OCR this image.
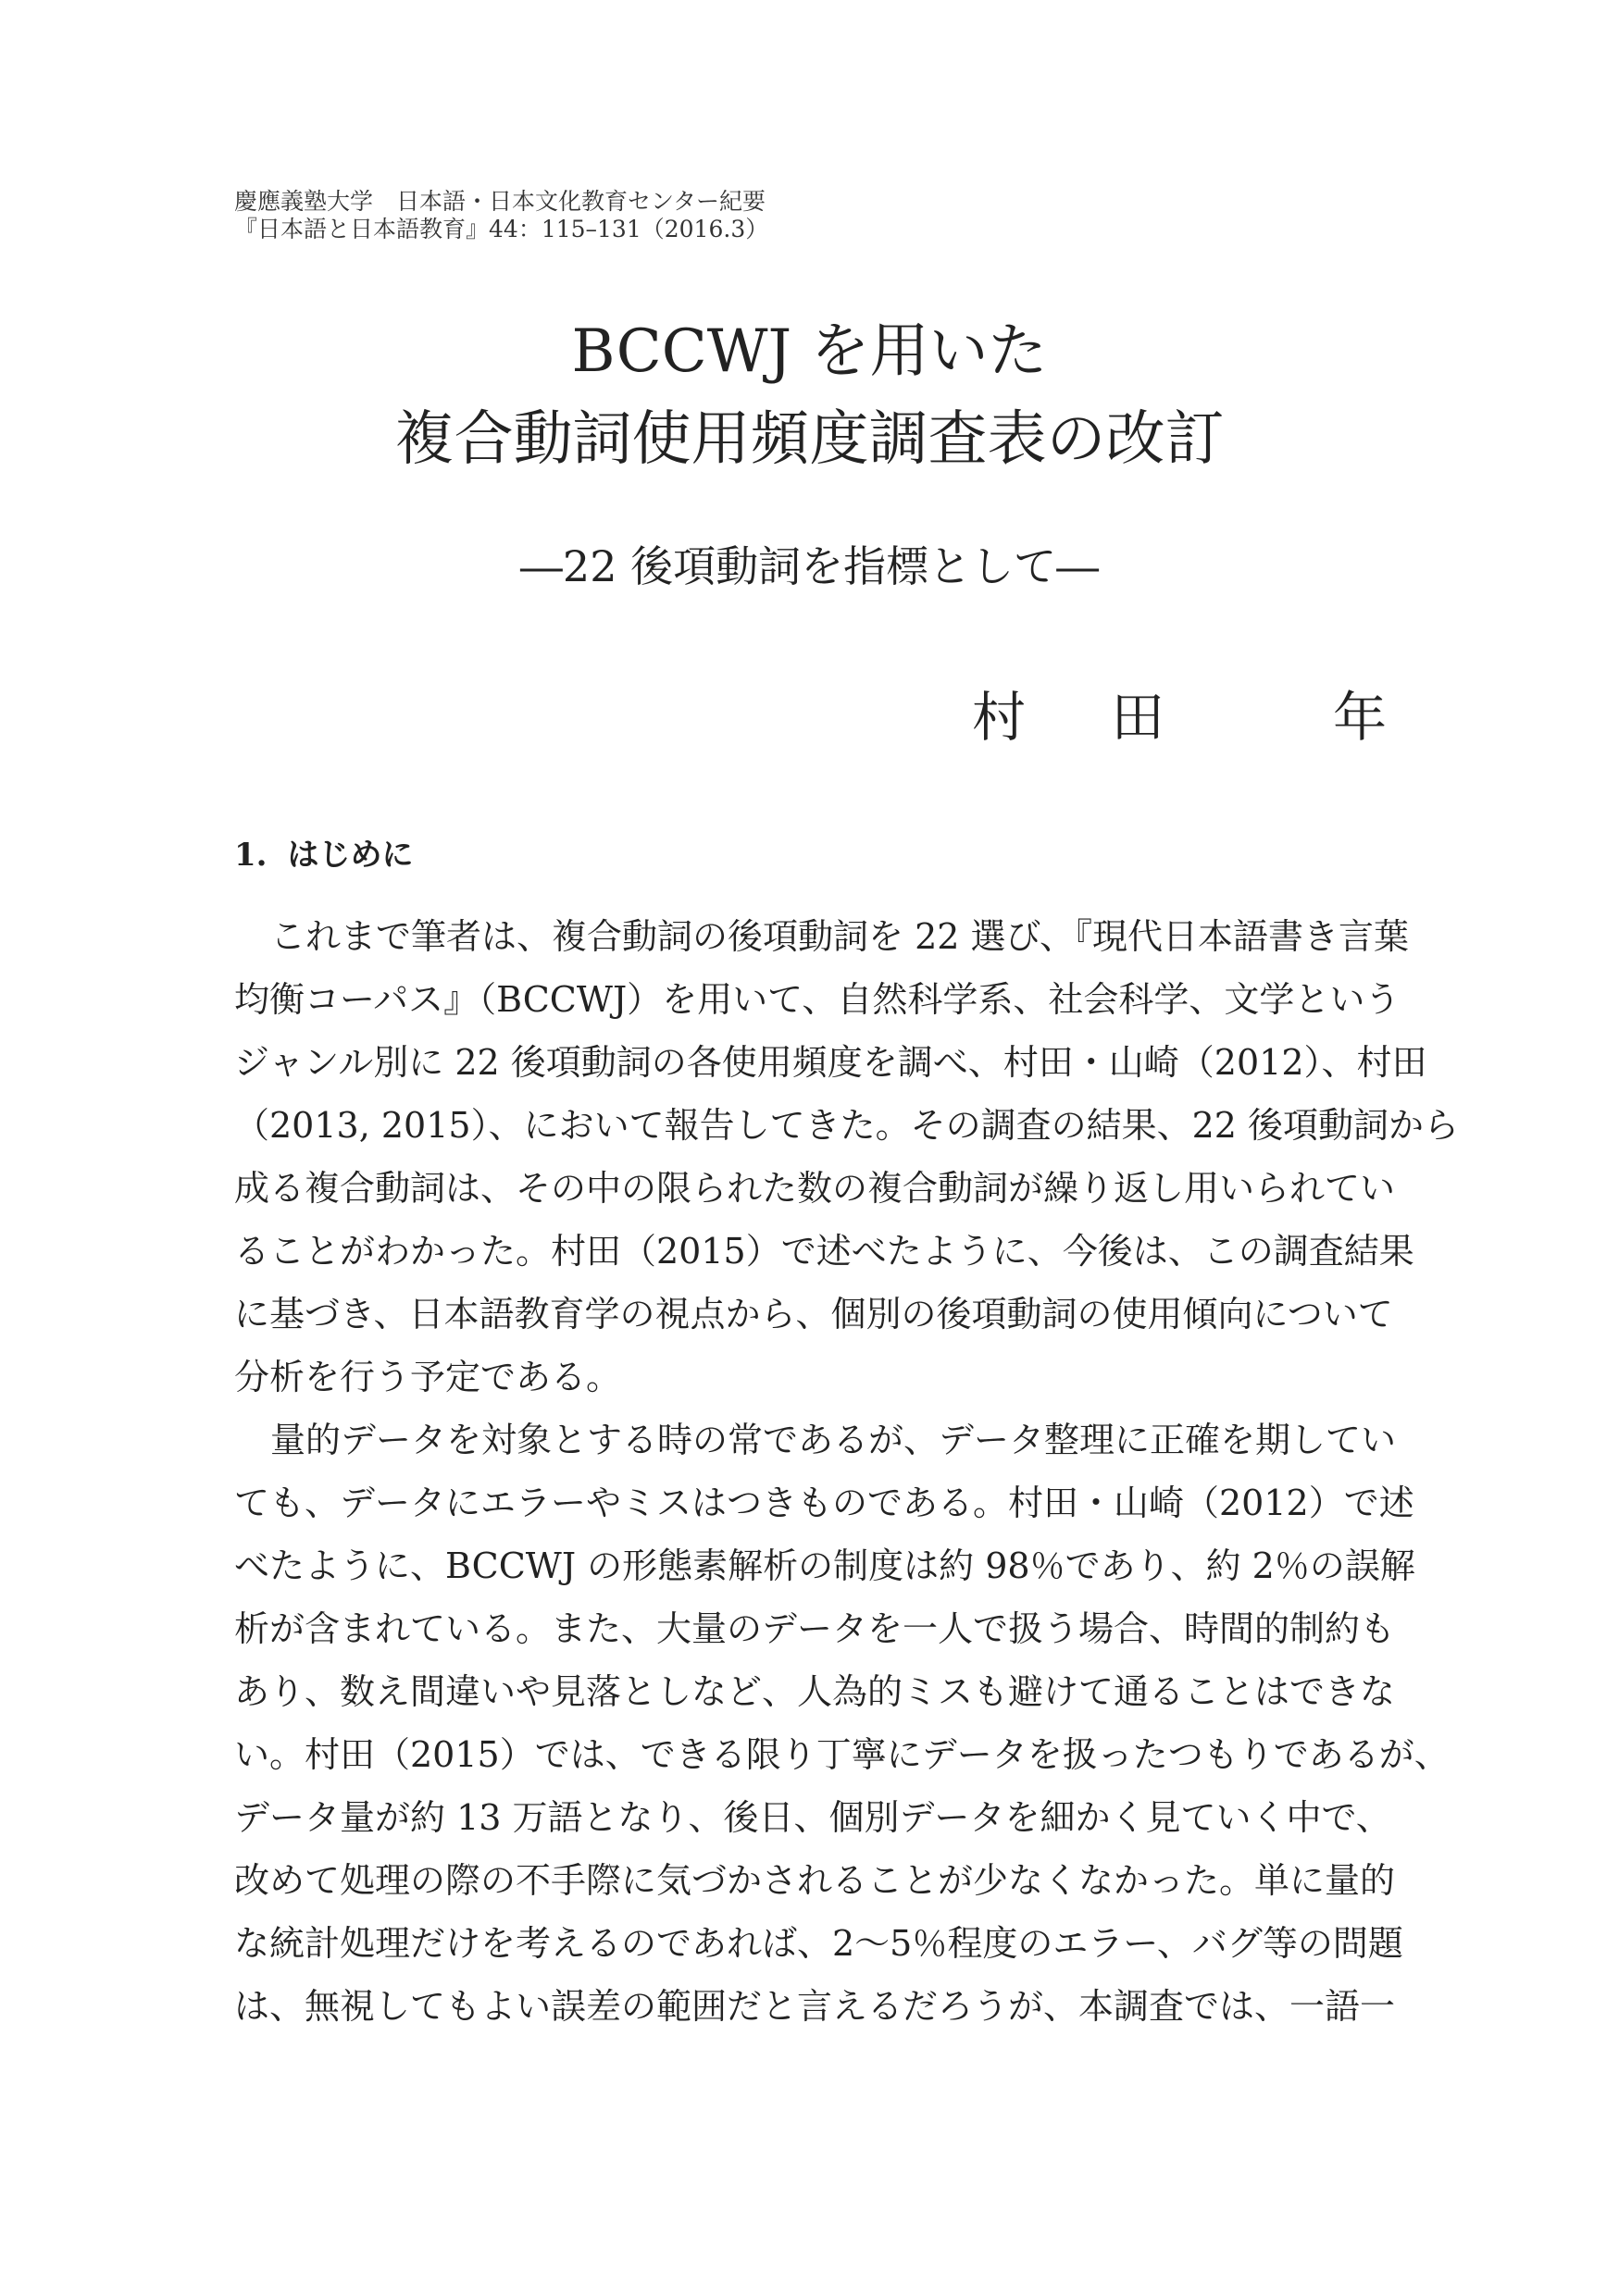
慶應義塾大学　日本語・日本文化教育センター紀要
『日本語と日本語教育』44：115–131（2016.3）
BCCWJ を用いた
複合動詞使用頻度調査表の改訂
―22 後項動詞を指標として―
村 田	年
1. はじめに
これまで筆者は、複合動詞の後項動詞を 22 選び、『現代日本語書き言葉
均衡コーパス』（BCCWJ）を用いて、自然科学系、社会科学、文学という
ジャンル別に 22 後項動詞の各使用頻度を調べ、村田・山崎（2012）、村田
（2013, 2015）、において報告してきた。その調査の結果、22 後項動詞から
成る複合動詞は、その中の限られた数の複合動詞が繰り返し用いられてい
ることがわかった。村田（2015）で述べたように、今後は、この調査結果
に基づき、日本語教育学の視点から、個別の後項動詞の使用傾向について
分析を行う予定である。
量的データを対象とする時の常であるが、データ整理に正確を期してい
ても、データにエラーやミスはつきものである。村田・山崎（2012）で述
べたように、BCCWJ の形態素解析の制度は約 98％であり、約 2％の誤解
析が含まれている。また、大量のデータを一人で扱う場合、時間的制約も
あり、数え間違いや見落としなど、人為的ミスも避けて通ることはできな
い。村田（2015）では、できる限り丁寧にデータを扱ったつもりであるが、
データ量が約 13 万語となり、後日、個別データを細かく見ていく中で、
改めて処理の際の不手際に気づかされることが少なくなかった。単に量的
な統計処理だけを考えるのであれば、2～5％程度のエラー、バグ等の問題
は、無視してもよい誤差の範囲だと言えるだろうが、本調査では、一語一
